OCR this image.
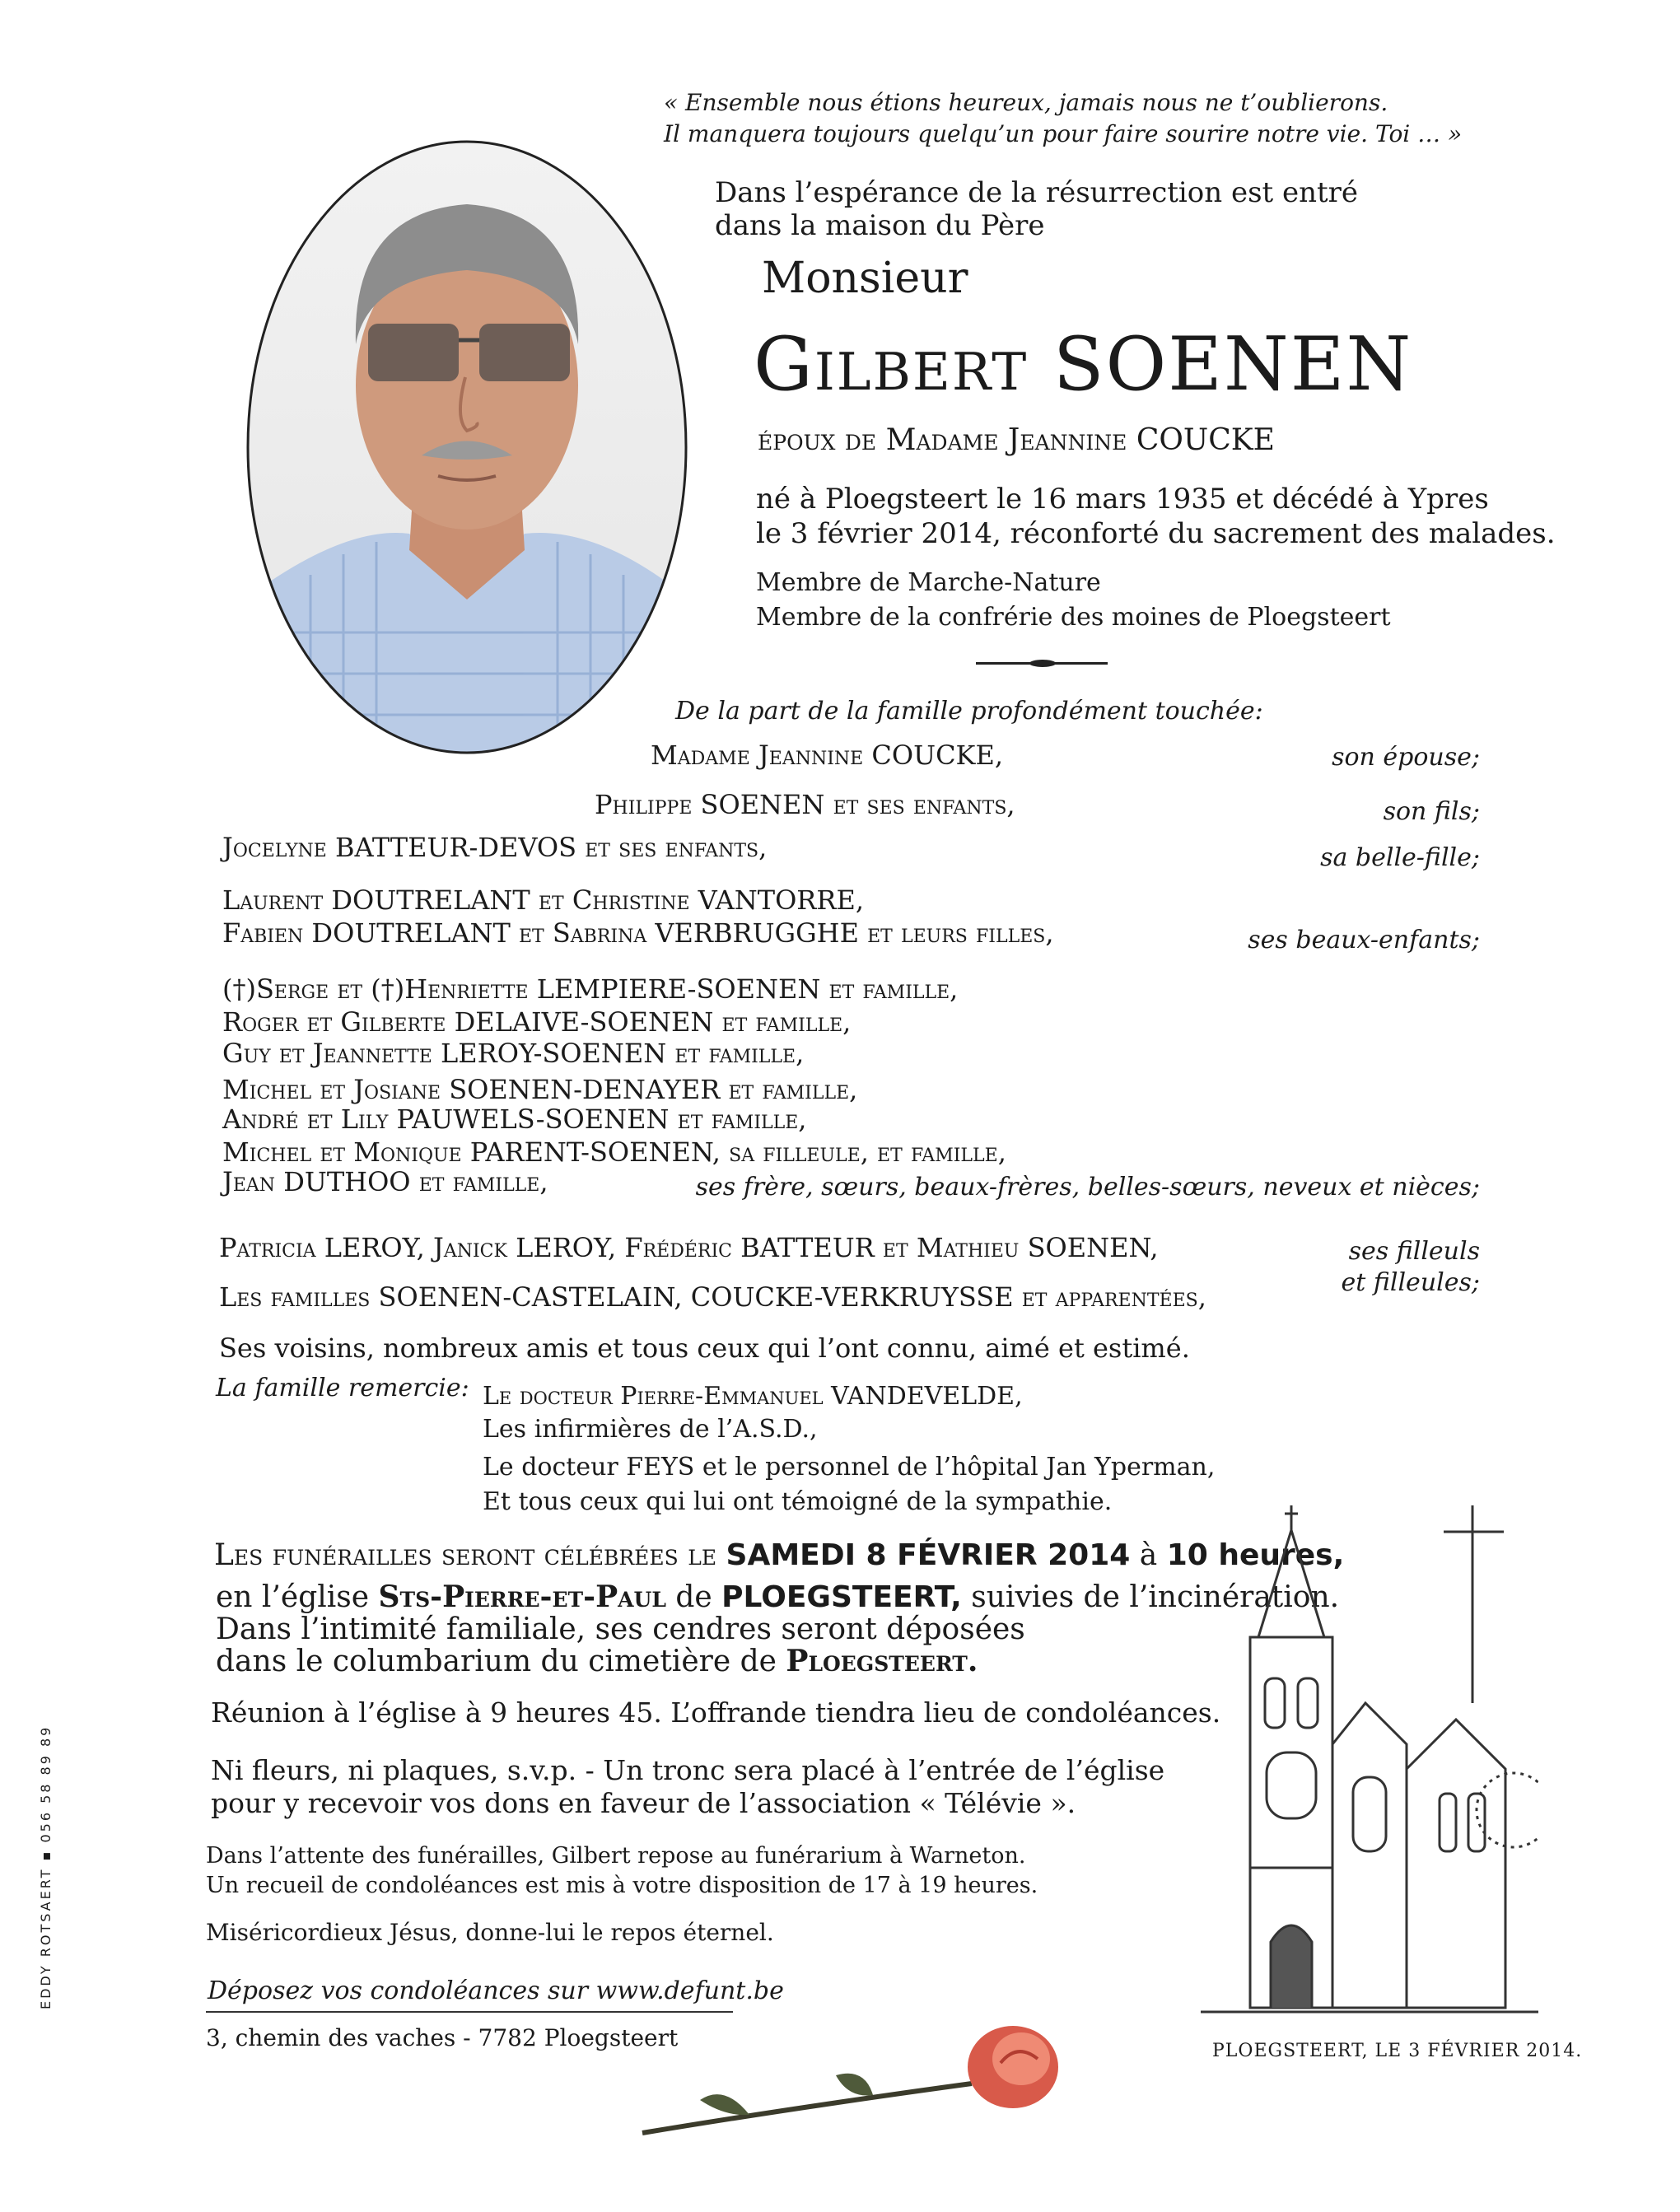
« Ensemble nous étions heureux, jamais nous ne t’oublierons.
Il manquera toujours quelqu’un pour faire sourire notre vie. Toi … »
Dans l’espérance de la résurrection est entré
dans la maison du Père
Monsieur
Gilbert SOENEN
époux de Madame Jeannine COUCKE
né à Ploegsteert le 16 mars 1935 et décédé à Ypres
le 3 février 2014, réconforté du sacrement des malades.
Membre de Marche-Nature
Membre de la confrérie des moines de Ploegsteert
De la part de la famille profondément touchée:
Madame Jeannine COUCKE,	son épouse;
Philippe SOENEN et ses enfants,	son fils;
Jocelyne BATTEUR-DEVOS et ses enfants,	sa belle-fille;
Laurent DOUTRELANT et Christine VANTORRE,
Fabien DOUTRELANT et Sabrina VERBRUGGHE et leurs filles,	ses beaux-enfants;
(†)Serge et (†)Henriette LEMPIERE-SOENEN et famille,
Roger et Gilberte DELAIVE-SOENEN et famille,
Guy et Jeannette LEROY-SOENEN et famille,
Michel et Josiane SOENEN-DENAYER et famille,
André et Lily PAUWELS-SOENEN et famille,
Michel et Monique PARENT-SOENEN, sa filleule, et famille,
Jean DUTHOO et famille,	ses frère, sœurs, beaux-frères, belles-sœurs, neveux et nièces;
Patricia LEROY, Janick LEROY, Frédéric BATTEUR et Mathieu SOENEN,	ses filleuls
et filleules;
Les familles SOENEN-CASTELAIN, COUCKE-VERKRUYSSE et apparentées,
Ses voisins, nombreux amis et tous ceux qui l’ont connu, aimé et estimé.
La famille remercie: Le docteur Pierre-Emmanuel VANDEVELDE,
Les infirmières de l’A.S.D.,
Le docteur FEYS et le personnel de l’hôpital Jan Yperman,
Et tous ceux qui lui ont témoigné de la sympathie.
Les funérailles seront célébrées le SAMEDI 8 FÉVRIER 2014 à 10 heures,
en l’église Sts-Pierre-et-Paul de PLOEGSTEERT, suivies de l’incinération.
Dans l’intimité familiale, ses cendres seront déposées
dans le columbarium du cimetière de Ploegsteert.
Réunion à l’église à 9 heures 45. L’offrande tiendra lieu de condoléances.
Ni fleurs, ni plaques, s.v.p. - Un tronc sera placé à l’entrée de l’église
pour y recevoir vos dons en faveur de l’association « Télévie ».
Dans l’attente des funérailles, Gilbert repose au funérarium à Warneton.
Un recueil de condoléances est mis à votre disposition de 17 à 19 heures.
Miséricordieux Jésus, donne-lui le repos éternel.
Déposez vos condoléances sur www.defunt.be
3, chemin des vaches - 7782 Ploegsteert	PLOEGSTEERT, LE 3 FÉVRIER 2014.
EDDY ROTSAERT ▪ 056 58 89 89
